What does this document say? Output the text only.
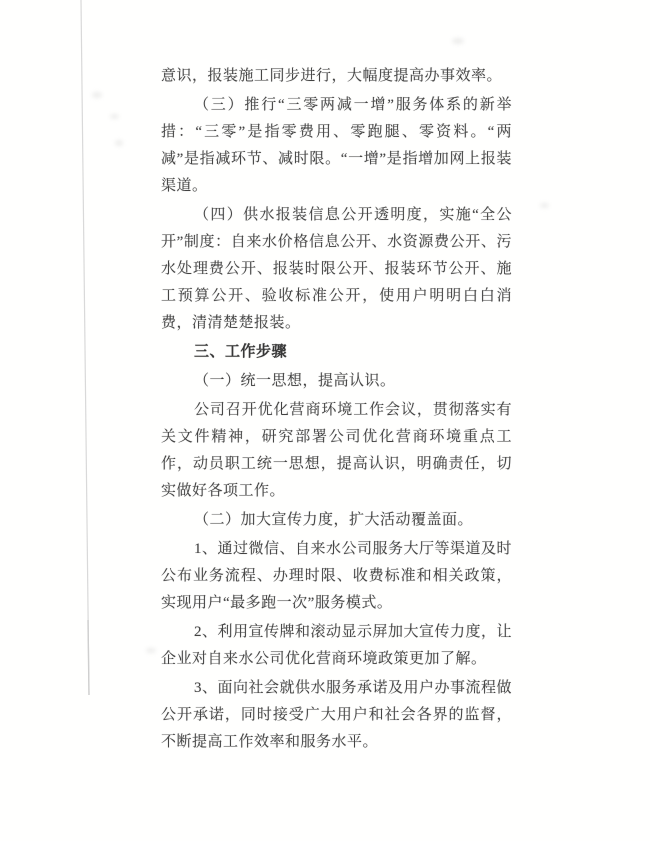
意识，报装施工同步进行，大幅度提高办事效率。

（三）推行“三零两减一增”服务体系的新举措：“三零”是指零费用、零跑腿、零资料。“两减”是指减环节、减时限。“一增”是指增加网上报装渠道。

（四）供水报装信息公开透明度，实施“全公开”制度：自来水价格信息公开、水资源费公开、污水处理费公开、报装时限公开、报装环节公开、施工预算公开、验收标准公开，使用户明明白白消费，清清楚楚报装。

三、工作步骤

（一）统一思想，提高认识。

公司召开优化营商环境工作会议，贯彻落实有关文件精神，研究部署公司优化营商环境重点工作，动员职工统一思想，提高认识，明确责任，切实做好各项工作。

（二）加大宣传力度，扩大活动覆盖面。

1、通过微信、自来水公司服务大厅等渠道及时公布业务流程、办理时限、收费标准和相关政策，实现用户“最多跑一次”服务模式。

2、利用宣传牌和滚动显示屏加大宣传力度，让企业对自来水公司优化营商环境政策更加了解。

3、面向社会就供水服务承诺及用户办事流程做公开承诺，同时接受广大用户和社会各界的监督，不断提高工作效率和服务水平。
